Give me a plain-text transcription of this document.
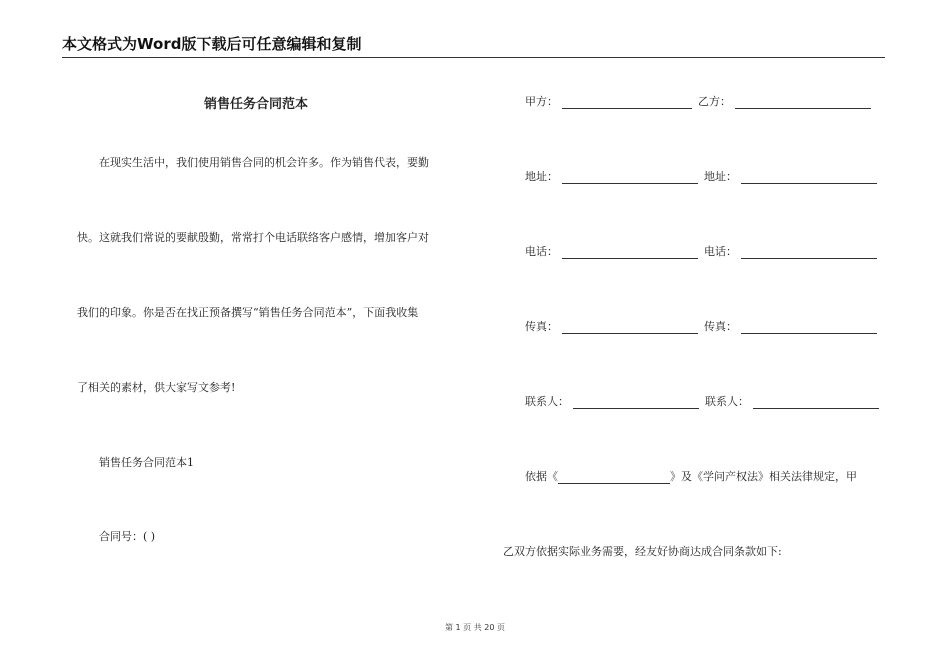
本文格式为Word版下载后可任意编辑和复制
销售任务合同范本
在现实生活中，我们使用销售合同的机会许多。作为销售代表，要勤
快。这就我们常说的要献殷勤，常常打个电话联络客户感情，增加客户对
我们的印象。你是否在找正预备撰写“销售任务合同范本”，下面我收集
了相关的素材，供大家写文参考!
销售任务合同范本1
合同号：( )
甲方：	乙方：
地址：	地址：
电话：	电话：
传真：	传真：
联系人：	联系人：
依据《	》及《学问产权法》相关法律规定，甲
乙双方依据实际业务需要，经友好协商达成合同条款如下:
第 1 页 共 20 页
